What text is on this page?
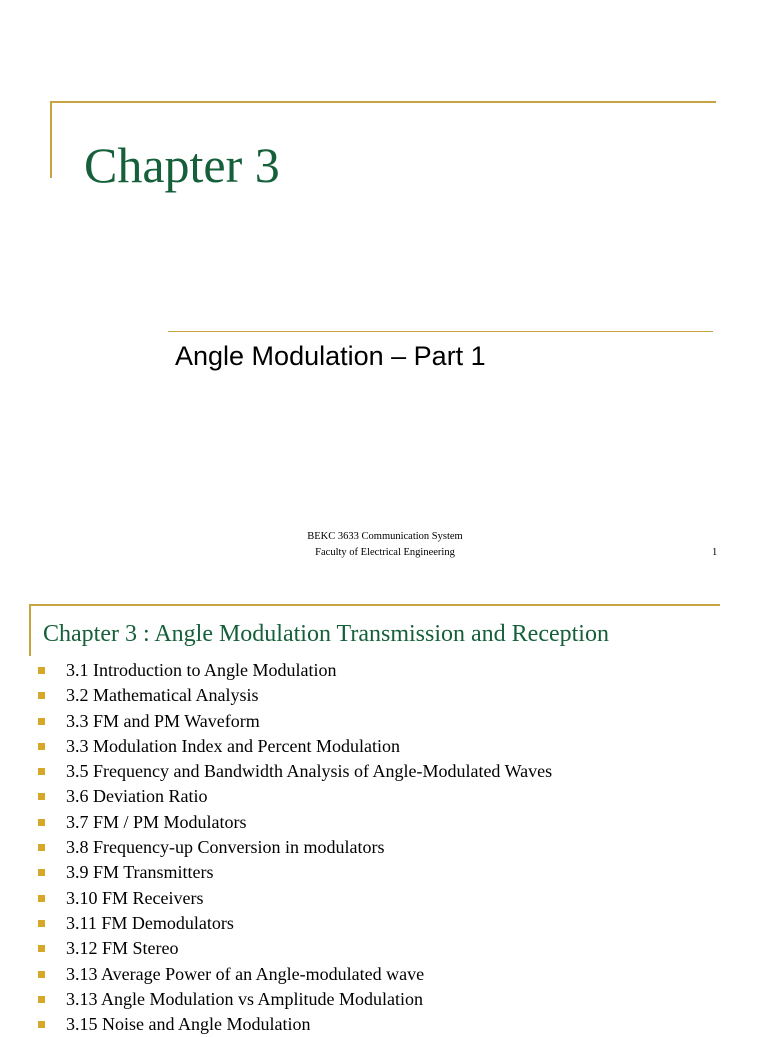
Chapter 3
Angle Modulation – Part 1
BEKC 3633 Communication System
Faculty of Electrical Engineering	1
Chapter 3 : Angle Modulation Transmission and Reception
3.1 Introduction to Angle Modulation
3.2 Mathematical Analysis
3.3 FM and PM Waveform
3.3 Modulation Index and Percent Modulation
3.5 Frequency and Bandwidth Analysis of Angle-Modulated Waves
3.6 Deviation Ratio
3.7 FM / PM Modulators
3.8 Frequency-up Conversion in modulators
3.9 FM Transmitters
3.10 FM Receivers
3.11 FM Demodulators
3.12 FM Stereo
3.13 Average Power of an Angle-modulated wave
3.13 Angle Modulation vs Amplitude Modulation
3.15 Noise and Angle Modulation
